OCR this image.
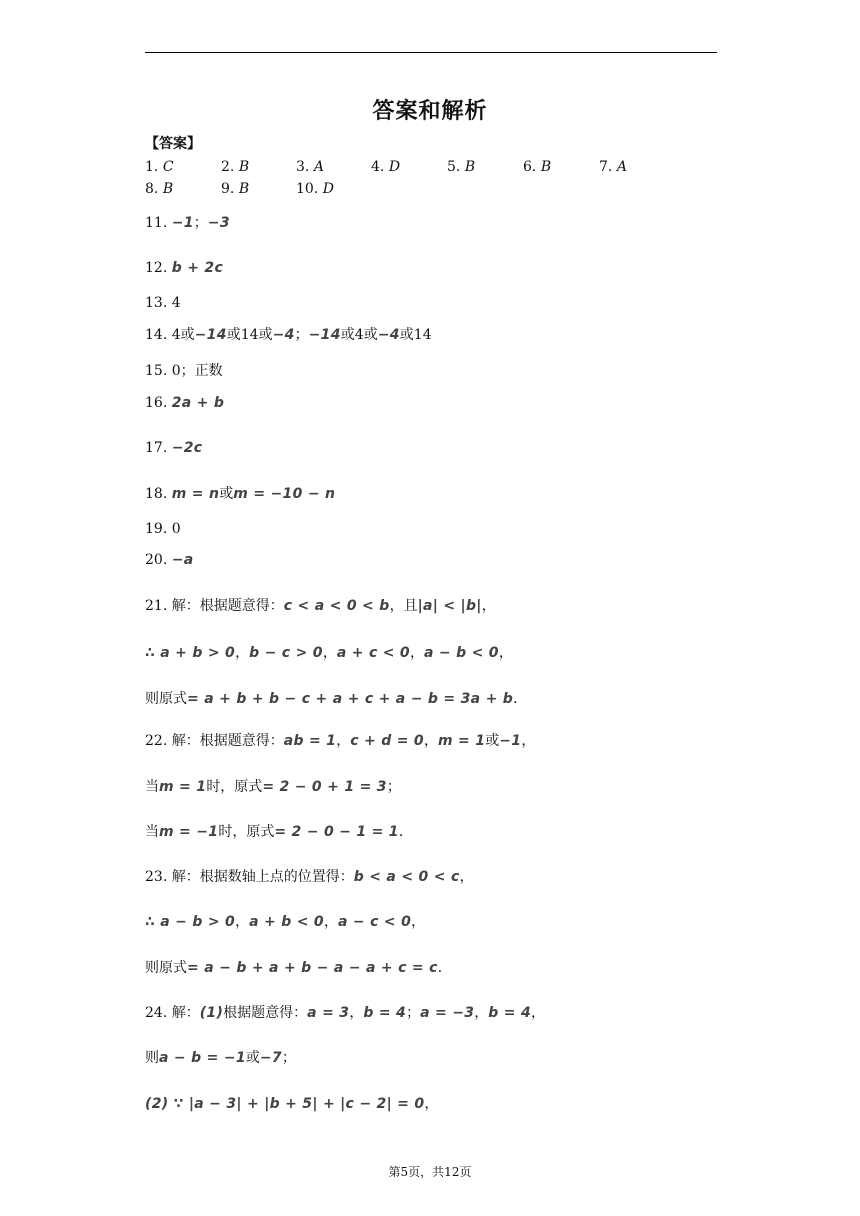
答案和解析
【答案】
1. C	2. B	3. A	4. D	5. B	6. B	7. A
8. B	9. B	10. D
11. −1；−3
12. b + 2c
13. 4
14. 4或−14或14或−4；−14或4或−4或14
15. 0；正数
16. 2a + b
17. −2c
18. m = n或m = −10 − n
19. 0
20. −a
21. 解：根据题意得：c < a < 0 < b，且|a| < |b|，
∴ a + b > 0，b − c > 0，a + c < 0，a − b < 0，
则原式= a + b + b − c + a + c + a − b = 3a + b．
22. 解：根据题意得：ab = 1，c + d = 0，m = 1或−1，
当m = 1时，原式= 2 − 0 + 1 = 3；
当m = −1时，原式= 2 − 0 − 1 = 1．
23. 解：根据数轴上点的位置得：b < a < 0 < c，
∴ a − b > 0，a + b < 0，a − c < 0，
则原式= a − b + a + b − a − a + c = c．
24. 解：(1)根据题意得：a = 3，b = 4；a = −3，b = 4，
则a − b = −1或−7；
(2) ∵ |a − 3| + |b + 5| + |c − 2| = 0，
第5页，共12页
